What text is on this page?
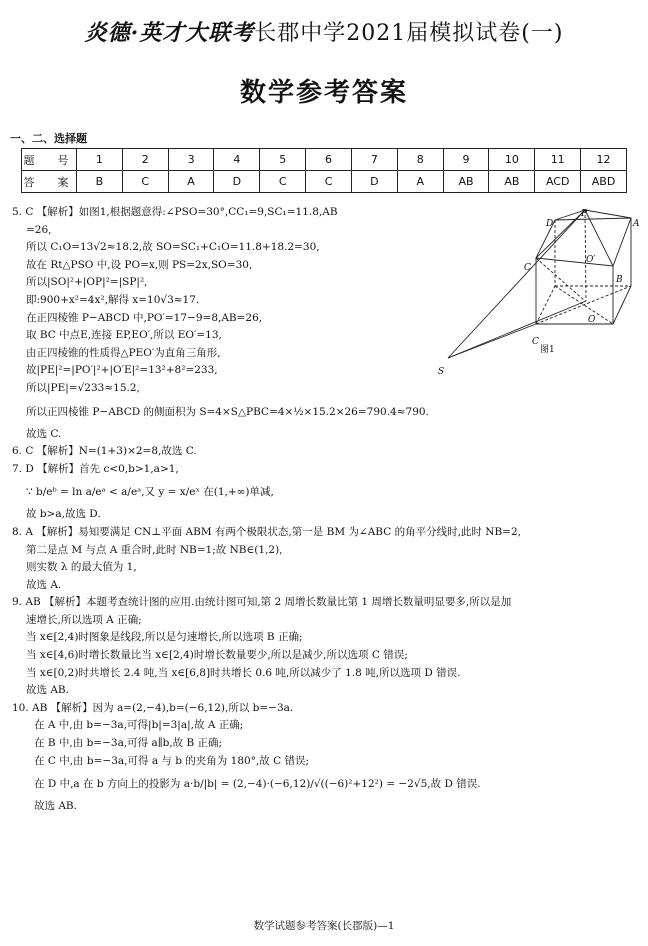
炎德·英才大联考长郡中学2021届模拟试卷(一)
数学参考答案
一、二、选择题
题　号	1	2	3	4	5	6	7	8	9	10	11	12
答　案	B	C	A	D	C	C	D	A	AB	AB	ACD	ABD
D
P
A
C
O′
B
O
C
S
图1
5. C 【解析】如图1,根据题意得:∠PSO=30°,CC₁=9,SC₁=11.8,AB
=26,
所以 C₁O=13√2≈18.2,故 SO=SC₁+C₁O=11.8+18.2=30,
故在 Rt△PSO 中,设 PO=x,则 PS=2x,SO=30,
所以|SO|²+|OP|²=|SP|²,
即:900+x²=4x²,解得 x=10√3≈17.
在正四棱锥 P−ABCD 中,PO′=17−9=8,AB=26,
取 BC 中点E,连接 EP,EO′,所以 EO′=13,
由正四棱锥的性质得△PEO′为直角三角形,
故|PE|²=|PO′|²+|O′E|²=13²+8²=233,
所以|PE|=√233≈15.2,
所以正四棱锥 P−ABCD 的侧面积为 S=4×S△PBC=4×½×15.2×26=790.4≈790.
故选 C.
6. C 【解析】N=(1+3)×2=8,故选 C.
7. D 【解析】首先 c<0,b>1,a>1,
∵ b/eᵇ = ln a/eᵃ < a/eᵃ,又 y = x/eˣ 在(1,+∞)单减,
故 b>a,故选 D.
8. A 【解析】易知要满足 CN⊥平面 ABM 有两个极限状态,第一是 BM 为∠ABC 的角平分线时,此时 NB=2,
第二是点 M 与点 A 重合时,此时 NB=1;故 NB∈(1,2),
则实数 λ 的最大值为 1,
故选 A.
9. AB 【解析】本题考查统计图的应用.由统计图可知,第 2 周增长数量比第 1 周增长数量明显要多,所以是加
速增长,所以选项 A 正确;
当 x∈[2,4)时图象是线段,所以是匀速增长,所以选项 B 正确;
当 x∈[4,6)时增长数量比当 x∈[2,4)时增长数量要少,所以是减少,所以选项 C 错误;
当 x∈[0,2)时共增长 2.4 吨,当 x∈[6,8]时共增长 0.6 吨,所以减少了 1.8 吨,所以选项 D 错误.
故选 AB.
10. AB 【解析】因为 a=(2,−4),b=(−6,12),所以 b=−3a.
在 A 中,由 b=−3a,可得|b|=3|a|,故 A 正确;
在 B 中,由 b=−3a,可得 a∥b,故 B 正确;
在 C 中,由 b=−3a,可得 a 与 b 的夹角为 180°,故 C 错误;
在 D 中,a 在 b 方向上的投影为 a·b/|b| = (2,−4)·(−6,12)/√((−6)²+12²) = −2√5,故 D 错误.
故选 AB.
数学试题参考答案(长郡版)—1
